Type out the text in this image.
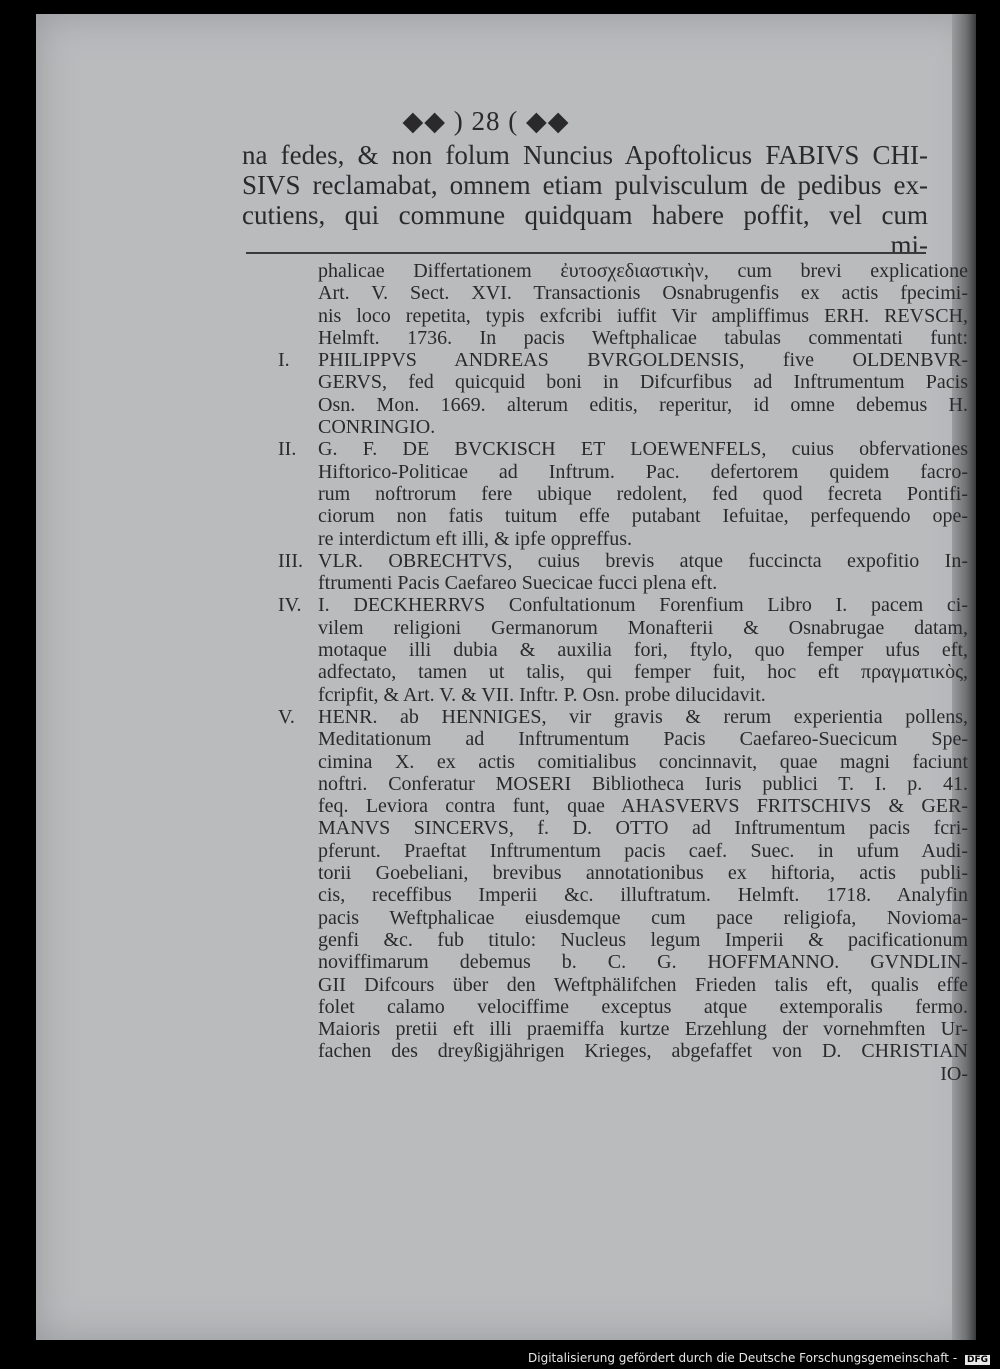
◆◆ ) 28 ( ◆◆
na fedes, & non folum Nuncius Apoftolicus FABIVS CHI-
SIVS reclamabat, omnem etiam pulvisculum de pedibus ex-
cutiens, qui commune quidquam habere poffit, vel cum
mi-
phalicae Differtationem ἐυτοσχεδιαστικὴν, cum brevi explicatione
Art. V. Sect. XVI. Transactionis Osnabrugenfis ex actis fpecimi-
nis loco repetita, typis exfcribi iuffit Vir ampliffimus ERH. REVSCH,
Helmft. 1736. In pacis Weftphalicae tabulas commentati funt:
I. PHILIPPVS ANDREAS BVRGOLDENSIS, five OLDENBVR-
GERVS, fed quicquid boni in Difcurfibus ad Inftrumentum Pacis
Osn. Mon. 1669. alterum editis, reperitur, id omne debemus H.
CONRINGIO.
II. G. F. DE BVCKISCH ET LOEWENFELS, cuius obfervationes
Hiftorico-Politicae ad Inftrum. Pac. defertorem quidem facro-
rum noftrorum fere ubique redolent, fed quod fecreta Pontifi-
ciorum non fatis tuitum effe putabant Iefuitae, perfequendo ope-
re interdictum eft illi, & ipfe oppreffus.
III. VLR. OBRECHTVS, cuius brevis atque fuccincta expofitio In-
ftrumenti Pacis Caefareo Suecicae fucci plena eft.
IV. I. DECKHERRVS Confultationum Forenfium Libro I. pacem ci-
vilem religioni Germanorum Monafterii & Osnabrugae datam,
motaque illi dubia & auxilia fori, ftylo, quo femper ufus eft,
adfectato, tamen ut talis, qui femper fuit, hoc eft πραγματικὸς,
fcripfit, & Art. V. & VII. Inftr. P. Osn. probe dilucidavit.
V. HENR. ab HENNIGES, vir gravis & rerum experientia pollens,
Meditationum ad Inftrumentum Pacis Caefareo-Suecicum Spe-
cimina X. ex actis comitialibus concinnavit, quae magni faciunt
noftri. Conferatur MOSERI Bibliotheca Iuris publici T. I. p. 41.
feq. Leviora contra funt, quae AHASVERVS FRITSCHIVS & GER-
MANVS SINCERVS, f. D. OTTO ad Inftrumentum pacis fcri-
pferunt. Praeftat Inftrumentum pacis caef. Suec. in ufum Audi-
torii Goebeliani, brevibus annotationibus ex hiftoria, actis publi-
cis, receffibus Imperii &c. illuftratum. Helmft. 1718. Analyfin
pacis Weftphalicae eiusdemque cum pace religiofa, Noviomа-
genfi &c. fub titulo: Nucleus legum Imperii & pacificationum
noviffimarum debemus b. C. G. HOFFMANNO. GVNDLIN-
GII Difcours über den Weftphälifchen Frieden talis eft, qualis effe
folet calamo velociffime exceptus atque extemporalis fermo.
Maioris pretii eft illi praemiffa kurtze Erzehlung der vornehmften Ur-
fachen des dreyßigjährigen Krieges, abgefaffet von D. CHRISTIAN
IO-
Digitalisierung gefördert durch die Deutsche Forschungsgemeinschaft - DFG
